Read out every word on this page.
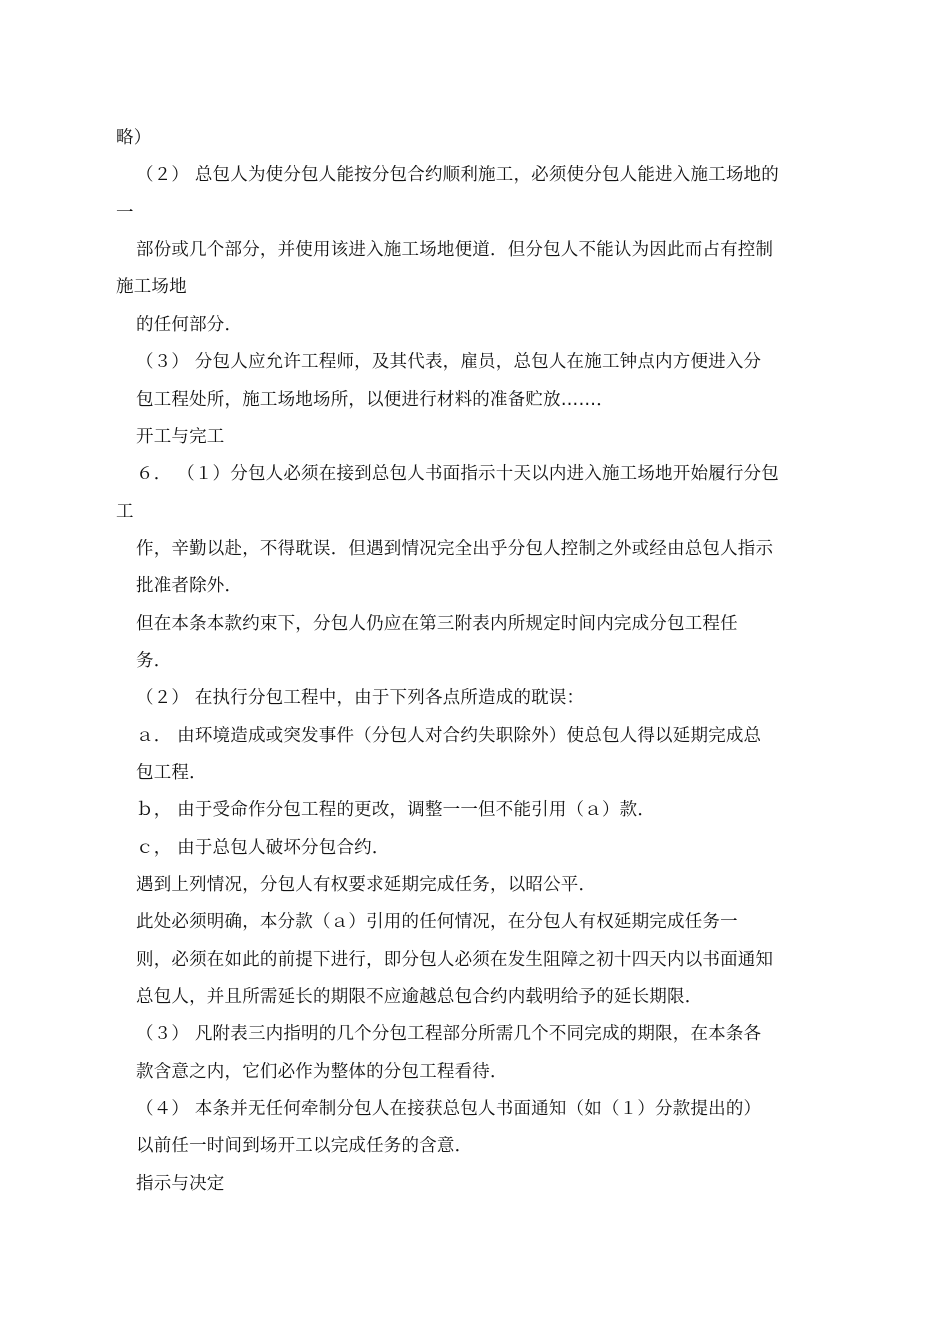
略）
（２） 总包人为使分包人能按分包合约顺利施工，必须使分包人能进入施工场地的
一
部份或几个部分，并使用该进入施工场地便道．但分包人不能认为因此而占有控制
施工场地
的任何部分．
（３） 分包人应允许工程师，及其代表，雇员，总包人在施工钟点内方便进入分
包工程处所，施工场地场所，以便进行材料的准备贮放……．
开工与完工
６． （１）分包人必须在接到总包人书面指示十天以内进入施工场地开始履行分包
工
作，辛勤以赴，不得耽误．但遇到情况完全出乎分包人控制之外或经由总包人指示
批准者除外．
但在本条本款约束下，分包人仍应在第三附表内所规定时间内完成分包工程任
务．
（２） 在执行分包工程中，由于下列各点所造成的耽误：
ａ． 由环境造成或突发事件（分包人对合约失职除外）使总包人得以延期完成总
包工程．
ｂ， 由于受命作分包工程的更改，调整一一但不能引用（ａ）款．
ｃ， 由于总包人破坏分包合约．
遇到上列情况，分包人有权要求延期完成任务，以昭公平．
此处必须明确，本分款（ａ）引用的任何情况，在分包人有权延期完成任务一
则，必须在如此的前提下进行，即分包人必须在发生阻障之初十四天内以书面通知
总包人，并且所需延长的期限不应逾越总包合约内载明给予的延长期限．
（３） 凡附表三内指明的几个分包工程部分所需几个不同完成的期限，在本条各
款含意之内，它们必作为整体的分包工程看待．
（４） 本条并无任何牵制分包人在接获总包人书面通知（如（１）分款提出的）
以前任一时间到场开工以完成任务的含意．
指示与决定
